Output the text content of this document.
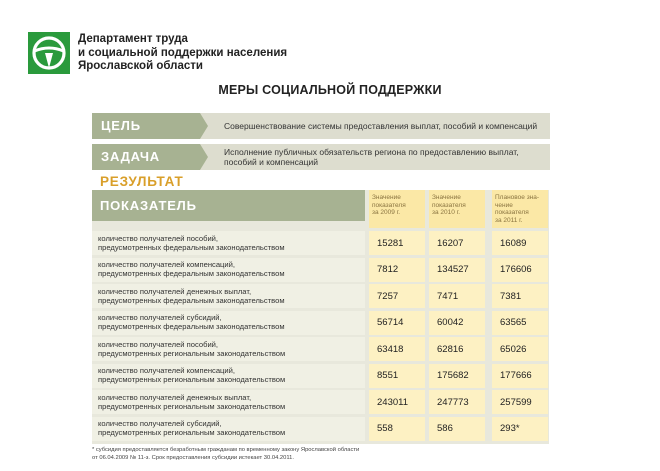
Департамент труда
и социальной поддержки населения
Ярославской области
МЕРЫ СОЦИАЛЬНОЙ ПОДДЕРЖКИ
ЦЕЛЬ	Совершенствование системы предоставления выплат, пособий и компенсаций
ЗАДАЧА	Исполнение публичных обязательств региона по предоставлению выплат, пособий и компенсаций
РЕЗУЛЬТАТ
ПОКАЗАТЕЛЬ
Значение
показателя
за 2009 г.
Значение
показателя
за 2010 г.
Плановое зна-
чение показателя
за 2011 г.
количество получателей пособий,
предусмотренных федеральным законодательством	15281	16207	16089
количество получателей компенсаций,
предусмотренных федеральным законодательством	7812	134527	176606
количество получателей денежных выплат,
предусмотренных федеральным законодательством	7257	7471	7381
количество получателей субсидий,
предусмотренных федеральным законодательством	56714	60042	63565
количество получателей пособий,
предусмотренных региональным законодательством	63418	62816	65026
количество получателей компенсаций,
предусмотренных региональным законодательством	8551	175682	177666
количество получателей денежных выплат,
предусмотренных региональным законодательством	243011	247773	257599
количество получателей субсидий,
предусмотренных региональным законодательством	558	586	293*
* субсидия предоставляется безработным гражданам по временному закону Ярославской области
от 06.04.2009 № 11-з. Срок предоставления субсидии истекает 30.04.2011.
